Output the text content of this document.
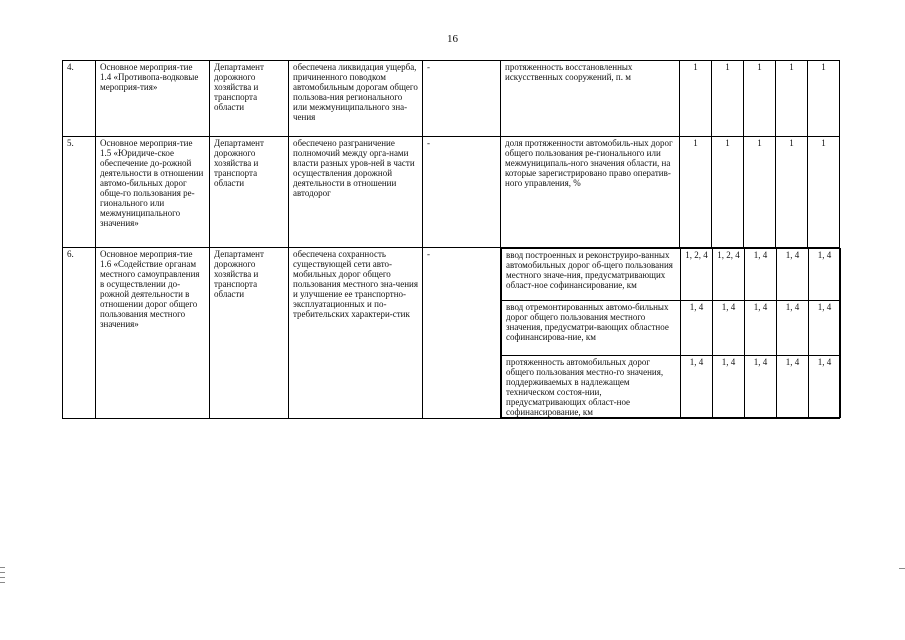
16
4.	Основное мероприя-тие 1.4 «Противопа-водковые мероприя-тия»	Департамент дорожного хозяйства и транспорта области	обеспечена ликвидация ущерба, причиненного поводком автомобильным дорогам общего пользова-ния регионального или межмуниципального зна-чения	-	протяженность восстановленных искусственных сооружений, п. м	1	1	1	1	1
5.	Основное мероприя-тие 1.5 «Юридиче-ское обеспечение до-рожной деятельности в отношении автомо-бильных дорог обще-го пользования ре-гионального или межмуниципального значения»	Департамент дорожного хозяйства и транспорта области	обеспечено разграничение полномочий между орга-нами власти разных уров-ней в части осуществления дорожной деятельности в отношении автодорог	-	доля протяженности автомобиль-ных дорог общего пользования ре-гионального или межмуниципаль-ного значения области, на которые зарегистрировано право оператив-ного управления, %	1	1	1	1	1
6.	Основное мероприя-тие 1.6 «Содействие органам местного самоуправления в осуществлении до-рожной деятельности в отношении дорог общего пользования местного значения»	Департамент дорожного хозяйства и транспорта области	обеспечена сохранность существующей сети авто-мобильных дорог общего пользования местного зна-чения и улучшение ее транспортно-эксплуатационных и по-требительских характери-стик	-		ввод построенных и реконструиро-ванных автомобильных дорог об-щего пользования местного значе-ния, предусматривающих област-ное софинансирование, км	1, 2, 4	1, 2, 4	1, 4	1, 4	1, 4
ввод отремонтированных автомо-бильных дорог общего пользования местного значения, предусматри-вающих областное софинансирова-ние, км	1, 4	1, 4	1, 4	1, 4	1, 4
протяженность автомобильных дорог общего пользования местно-го значения, поддерживаемых в надлежащем техническом состоя-нии, предусматривающих област-ное софинансирование, км	1, 4	1, 4	1, 4	1, 4	1, 4
